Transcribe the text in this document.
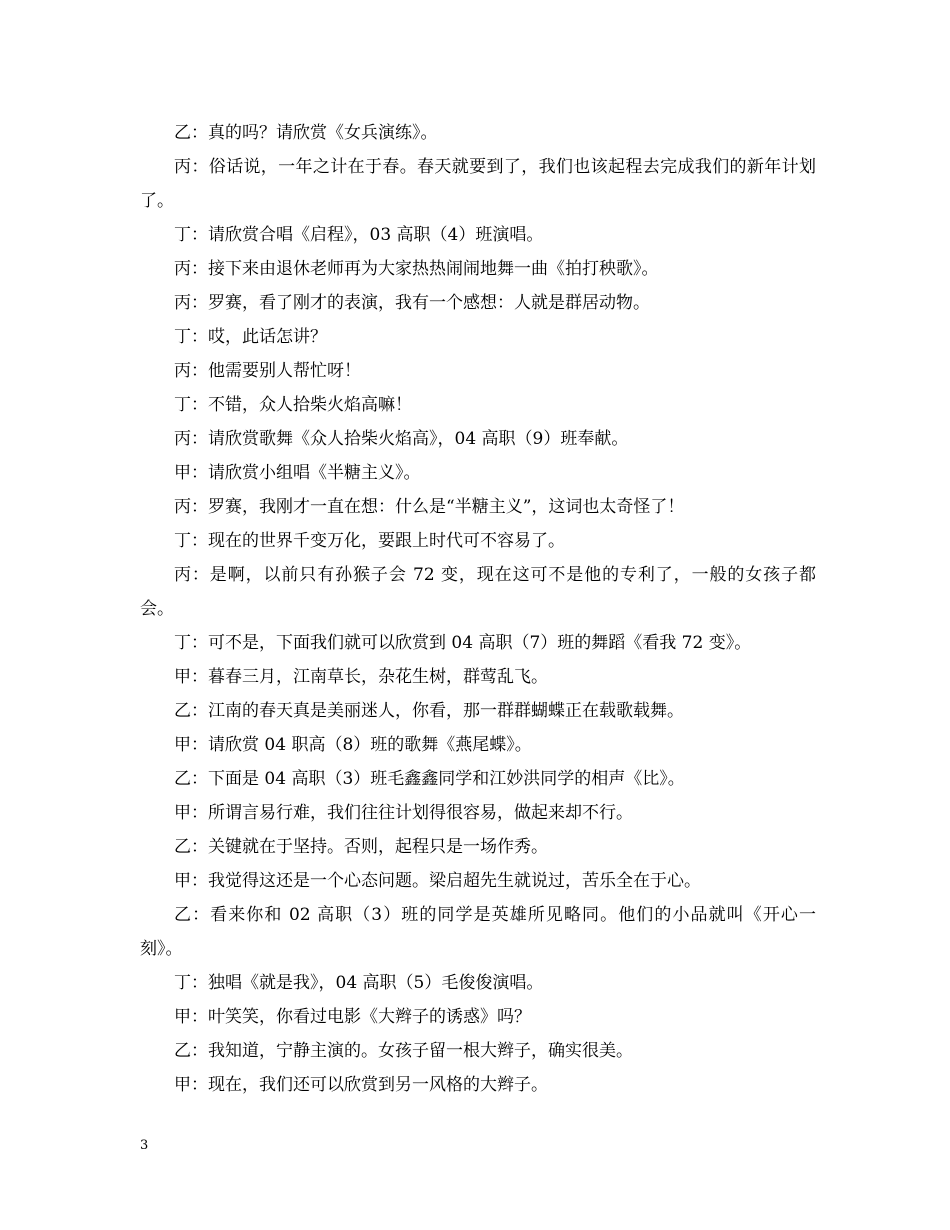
乙：真的吗？请欣赏《女兵演练》。

丙：俗话说，一年之计在于春。春天就要到了，我们也该起程去完成我们的新年计划了。

丁：请欣赏合唱《启程》，03 高职（4）班演唱。

丙：接下来由退休老师再为大家热热闹闹地舞一曲《拍打秧歌》。

丙：罗赛，看了刚才的表演，我有一个感想：人就是群居动物。

丁：哎，此话怎讲？

丙：他需要别人帮忙呀！

丁：不错，众人拾柴火焰高嘛！

丙：请欣赏歌舞《众人拾柴火焰高》，04 高职（9）班奉献。

甲：请欣赏小组唱《半糖主义》。

丙：罗赛，我刚才一直在想：什么是“半糖主义”，这词也太奇怪了！

丁：现在的世界千变万化，要跟上时代可不容易了。

丙：是啊，以前只有孙猴子会 72 变，现在这可不是他的专利了，一般的女孩子都会。

丁：可不是，下面我们就可以欣赏到 04 高职（7）班的舞蹈《看我 72 变》。

甲：暮春三月，江南草长，杂花生树，群莺乱飞。

乙：江南的春天真是美丽迷人，你看，那一群群蝴蝶正在载歌载舞。

甲：请欣赏 04 职高（8）班的歌舞《燕尾蝶》。

乙：下面是 04 高职（3）班毛鑫鑫同学和江妙洪同学的相声《比》。

甲：所谓言易行难，我们往往计划得很容易，做起来却不行。

乙：关键就在于坚持。否则，起程只是一场作秀。

甲：我觉得这还是一个心态问题。梁启超先生就说过，苦乐全在于心。

乙：看来你和 02 高职（3）班的同学是英雄所见略同。他们的小品就叫《开心一刻》。

丁：独唱《就是我》，04 高职（5）毛俊俊演唱。

甲：叶笑笑，你看过电影《大辫子的诱惑》吗？

乙：我知道，宁静主演的。女孩子留一根大辫子，确实很美。

甲：现在，我们还可以欣赏到另一风格的大辫子。

3
